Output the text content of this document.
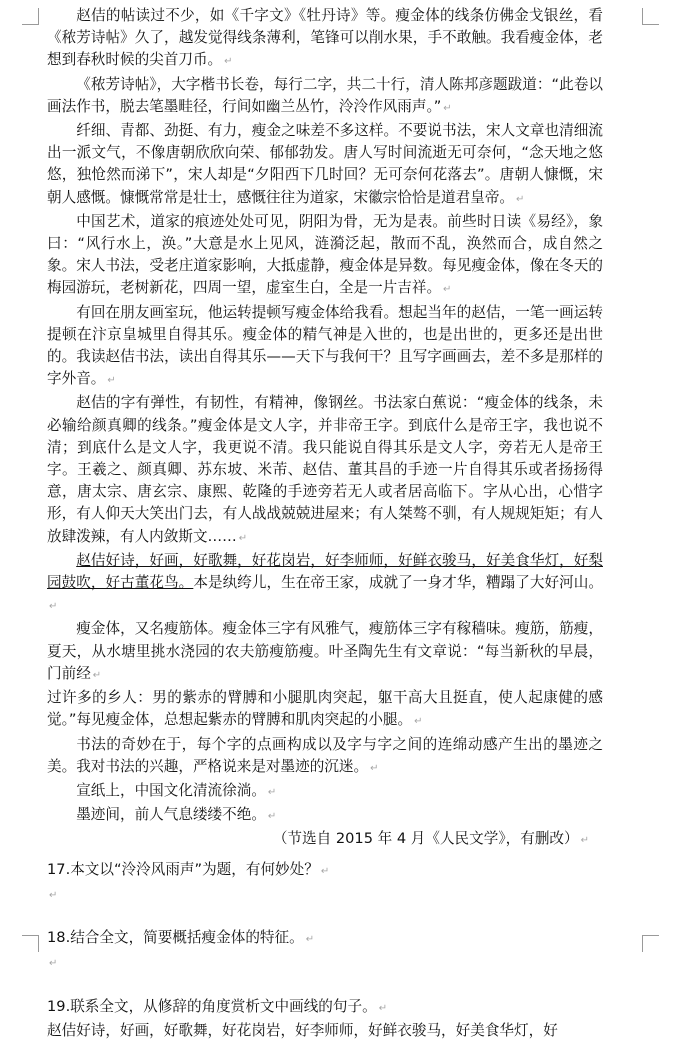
赵佶的帖读过不少，如《千字文》《牡丹诗》等。瘦金体的线条仿佛金戈银丝，看《秾芳诗帖》久了，越发觉得线条薄利，笔锋可以削水果，手不敢触。我看瘦金体，老想到春秋时候的尖首刀币。 ↵

《秾芳诗帖》，大字楷书长卷，每行二字，共二十行，清人陈邦彦题跋道：“此卷以画法作书，脱去笔墨畦径，行间如幽兰丛竹，泠泠作风雨声。” ↵

纤细、青都、劲挺、有力，瘦金之味差不多这样。不要说书法，宋人文章也清细流出一派文气，不像唐朝欣欣向荣、郁郁勃发。唐人写时间流逝无可奈何，“念天地之悠悠，独怆然而涕下”，宋人却是“夕阳西下几时回？无可奈何花落去”。唐朝人慷慨，宋朝人感慨。慷慨常常是壮士，感慨往往为道家，宋徽宗恰恰是道君皇帝。 ↵

中国艺术，道家的痕迹处处可见，阴阳为骨，无为是表。前些时日读《易经》，象曰：“风行水上，涣。”大意是水上见风，涟漪泛起，散而不乱，涣然而合，成自然之象。宋人书法，受老庄道家影响，大抵虚静，瘦金体是异数。每见瘦金体，像在冬天的梅园游玩，老树新花，四周一望，虚室生白，全是一片吉祥。 ↵

有回在朋友画室玩，他运转提顿写瘦金体给我看。想起当年的赵佶，一笔一画运转提顿在汴京皇城里自得其乐。瘦金体的精气神是入世的，也是出世的，更多还是出世的。我读赵佶书法，读出自得其乐——天下与我何干？且写字画画去，差不多是那样的字外音。 ↵

赵佶的字有弹性，有韧性，有精神，像钢丝。书法家白蕉说：“瘦金体的线条，未必输给颜真卿的线条。”瘦金体是文人字，并非帝王字。到底什么是帝王字，我也说不清；到底什么是文人字，我更说不清。我只能说自得其乐是文人字，旁若无人是帝王字。王羲之、颜真卿、苏东坡、米芾、赵佶、董其昌的手迹一片自得其乐或者扬扬得意，唐太宗、唐玄宗、康熙、乾隆的手迹旁若无人或者居高临下。字从心出，心惜字形，有人仰天大笑出门去，有人战战兢兢进屋来；有人桀骜不驯，有人规规矩矩；有人放肆泼辣，有人内敛斯文…… ↵

赵佶好诗，好画，好歌舞，好花岗岩，好李师师，好鲜衣骏马，好美食华灯，好梨园鼓吹，好古董花鸟。本是纨绔儿，生在帝王家，成就了一身才华，糟蹋了大好河山。↵

瘦金体，又名瘦筋体。瘦金体三字有风雅气，瘦筋体三字有稼穑味。瘦筋，筋瘦，夏天，从水塘里挑水浇园的农夫筋瘦筋瘦。叶圣陶先生有文章说：“每当新秋的早晨，门前经 ↵

过许多的乡人：男的紫赤的臂膊和小腿肌肉突起，躯干高大且挺直，使人起康健的感觉。”每见瘦金体，总想起紫赤的臂膊和肌肉突起的小腿。 ↵

书法的奇妙在于，每个字的点画构成以及字与字之间的连绵动感产生出的墨迹之美。我对书法的兴趣，严格说来是对墨迹的沉迷。 ↵

宣纸上，中国文化清流徐淌。 ↵

墨迹间，前人气息缕缕不绝。 ↵

（节选自 2015 年 4 月《人民文学》，有删改） ↵

17.本文以“泠泠风雨声”为题，有何妙处？ ↵

↵

18.结合全文，简要概括瘦金体的特征。 ↵

↵

19.联系全文，从修辞的角度赏析文中画线的句子。 ↵

赵佶好诗，好画，好歌舞，好花岗岩，好李师师，好鲜衣骏马，好美食华灯，好
